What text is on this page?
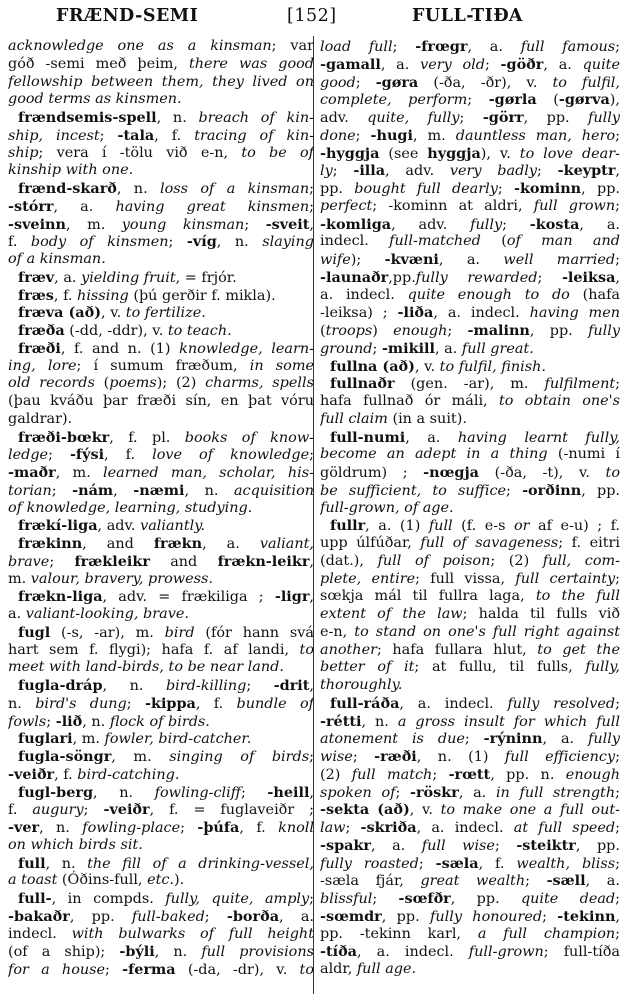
FRÆND-SEMI	[152]	FULL-TIÐA
acknowledge one as a kinsman; var
góð -semi með þeim, there was good
fellowship between them, they lived on
good terms as kinsmen.
frændsemis-spell, n. breach of kin-
ship, incest; -tala, f. tracing of kin-
ship; vera í -tölu við e-n, to be of
kinship with one.
frænd-skarð, n. loss of a kinsman;
-stórr, a. having great kinsmen;
-sveinn, m. young kinsman; -sveit,
f. body of kinsmen; -víg, n. slaying
of a kinsman.
fræv, a. yielding fruit, = frjór.
fræs, f. hissing (þú gerðir f. mikla).
fræva (að), v. to fertilize.
fræða (-dd, -ddr), v. to teach.
fræði, f. and n. (1) knowledge, learn-
ing, lore; í sumum fræðum, in some
old records (poems); (2) charms, spells
(þau kváðu þar fræði sín, en þat vóru
galdrar).
fræði-bœkr, f. pl. books of know-
ledge; -fýsi, f. love of knowledge;
-maðr, m. learned man, scholar, his-
torian; -nám, -næmi, n. acquisition
of knowledge, learning, studying.
frækí-liga, adv. valiantly.
frækinn, and frækn, a. valiant,
brave; frækleikr and frækn-leikr,
m. valour, bravery, prowess.
frækn-liga, adv. = frækiliga ; -ligr,
a. valiant-looking, brave.
fugl (-s, -ar), m. bird (fór hann svá
hart sem f. flygi); hafa f. af landi, to
meet with land-birds, to be near land.
fugla-dráp, n. bird-killing; -drit,
n. bird's dung; -kippa, f. bundle of
fowls; -lið, n. flock of birds.
fuglari, m. fowler, bird-catcher.
fugla-söngr, m. singing of birds;
-veiðr, f. bird-catching.
fugl-berg, n. fowling-cliff; -heill,
f. augury; -veiðr, f. = fuglaveiðr ;
-ver, n. fowling-place; -þúfa, f. knoll
on which birds sit.
full, n. the fill of a drinking-vessel,
a toast (Óðins-full, etc.).
full-, in compds. fully, quite, amply;
-bakaðr, pp. full-baked; -borða, a.
indecl. with bulwarks of full height
(of a ship); -býli, n. full provisions
for a house; -ferma (-da, -dr), v. to
load full; -frœgr, a. full famous;
-gamall, a. very old; -göðr, a. quite
good; -gøra (-ða, -ðr), v. to fulfil,
complete, perform; -gørla (-gørva),
adv. quite, fully; -görr, pp. fully
done; -hugi, m. dauntless man, hero;
-hyggja (see hyggja), v. to love dear-
ly; -illa, adv. very badly; -keyptr,
pp. bought full dearly; -kominn, pp.
perfect; -kominn at aldri, full grown;
-komliga, adv. fully; -kosta, a.
indecl. full-matched (of man and
wife); -kvæni, a. well married;
-launaðr,pp.fully rewarded; -leiksa,
a. indecl. quite enough to do (hafa
-leiksa) ; -liða, a. indecl. having men
(troops) enough; -malinn, pp. fully
ground; -mikill, a. full great.
fullna (að), v. to fulfil, finish.
fullnaðr (gen. -ar), m. fulfilment;
hafa fullnað ór máli, to obtain one's
full claim (in a suit).
full-numi, a. having learnt fully,
become an adept in a thing (-numi í
göldrum) ; -nœgja (-ða, -t), v. to
be sufficient, to suffice; -orðinn, pp.
full-grown, of age.
fullr, a. (1) full (f. e-s or af e-u) ; f.
upp úlfúðar, full of savageness; f. eitri
(dat.), full of poison; (2) full, com-
plete, entire; full vissa, full certainty;
sœkja mál til fullra laga, to the full
extent of the law; halda til fulls við
e-n, to stand on one's full right against
another; hafa fullara hlut, to get the
better of it; at fullu, til fulls, fully,
thoroughly.
full-ráða, a. indecl. fully resolved;
-rétti, n. a gross insult for which full
atonement is due; -rýninn, a. fully
wise; -ræði, n. (1) full efficiency;
(2) full match; -rœtt, pp. n. enough
spoken of; -röskr, a. in full strength;
-sekta (að), v. to make one a full out-
law; -skriða, a. indecl. at full speed;
-spakr, a. full wise; -steiktr, pp.
fully roasted; -sæla, f. wealth, bliss;
-sæla fjár, great wealth; -sæll, a.
blissful; -sœfðr, pp. quite dead;
-sœmdr, pp. fully honoured; -tekinn,
pp. -tekinn karl, a full champion;
-tíða, a. indecl. full-grown; full-tíða
aldr, full age.
